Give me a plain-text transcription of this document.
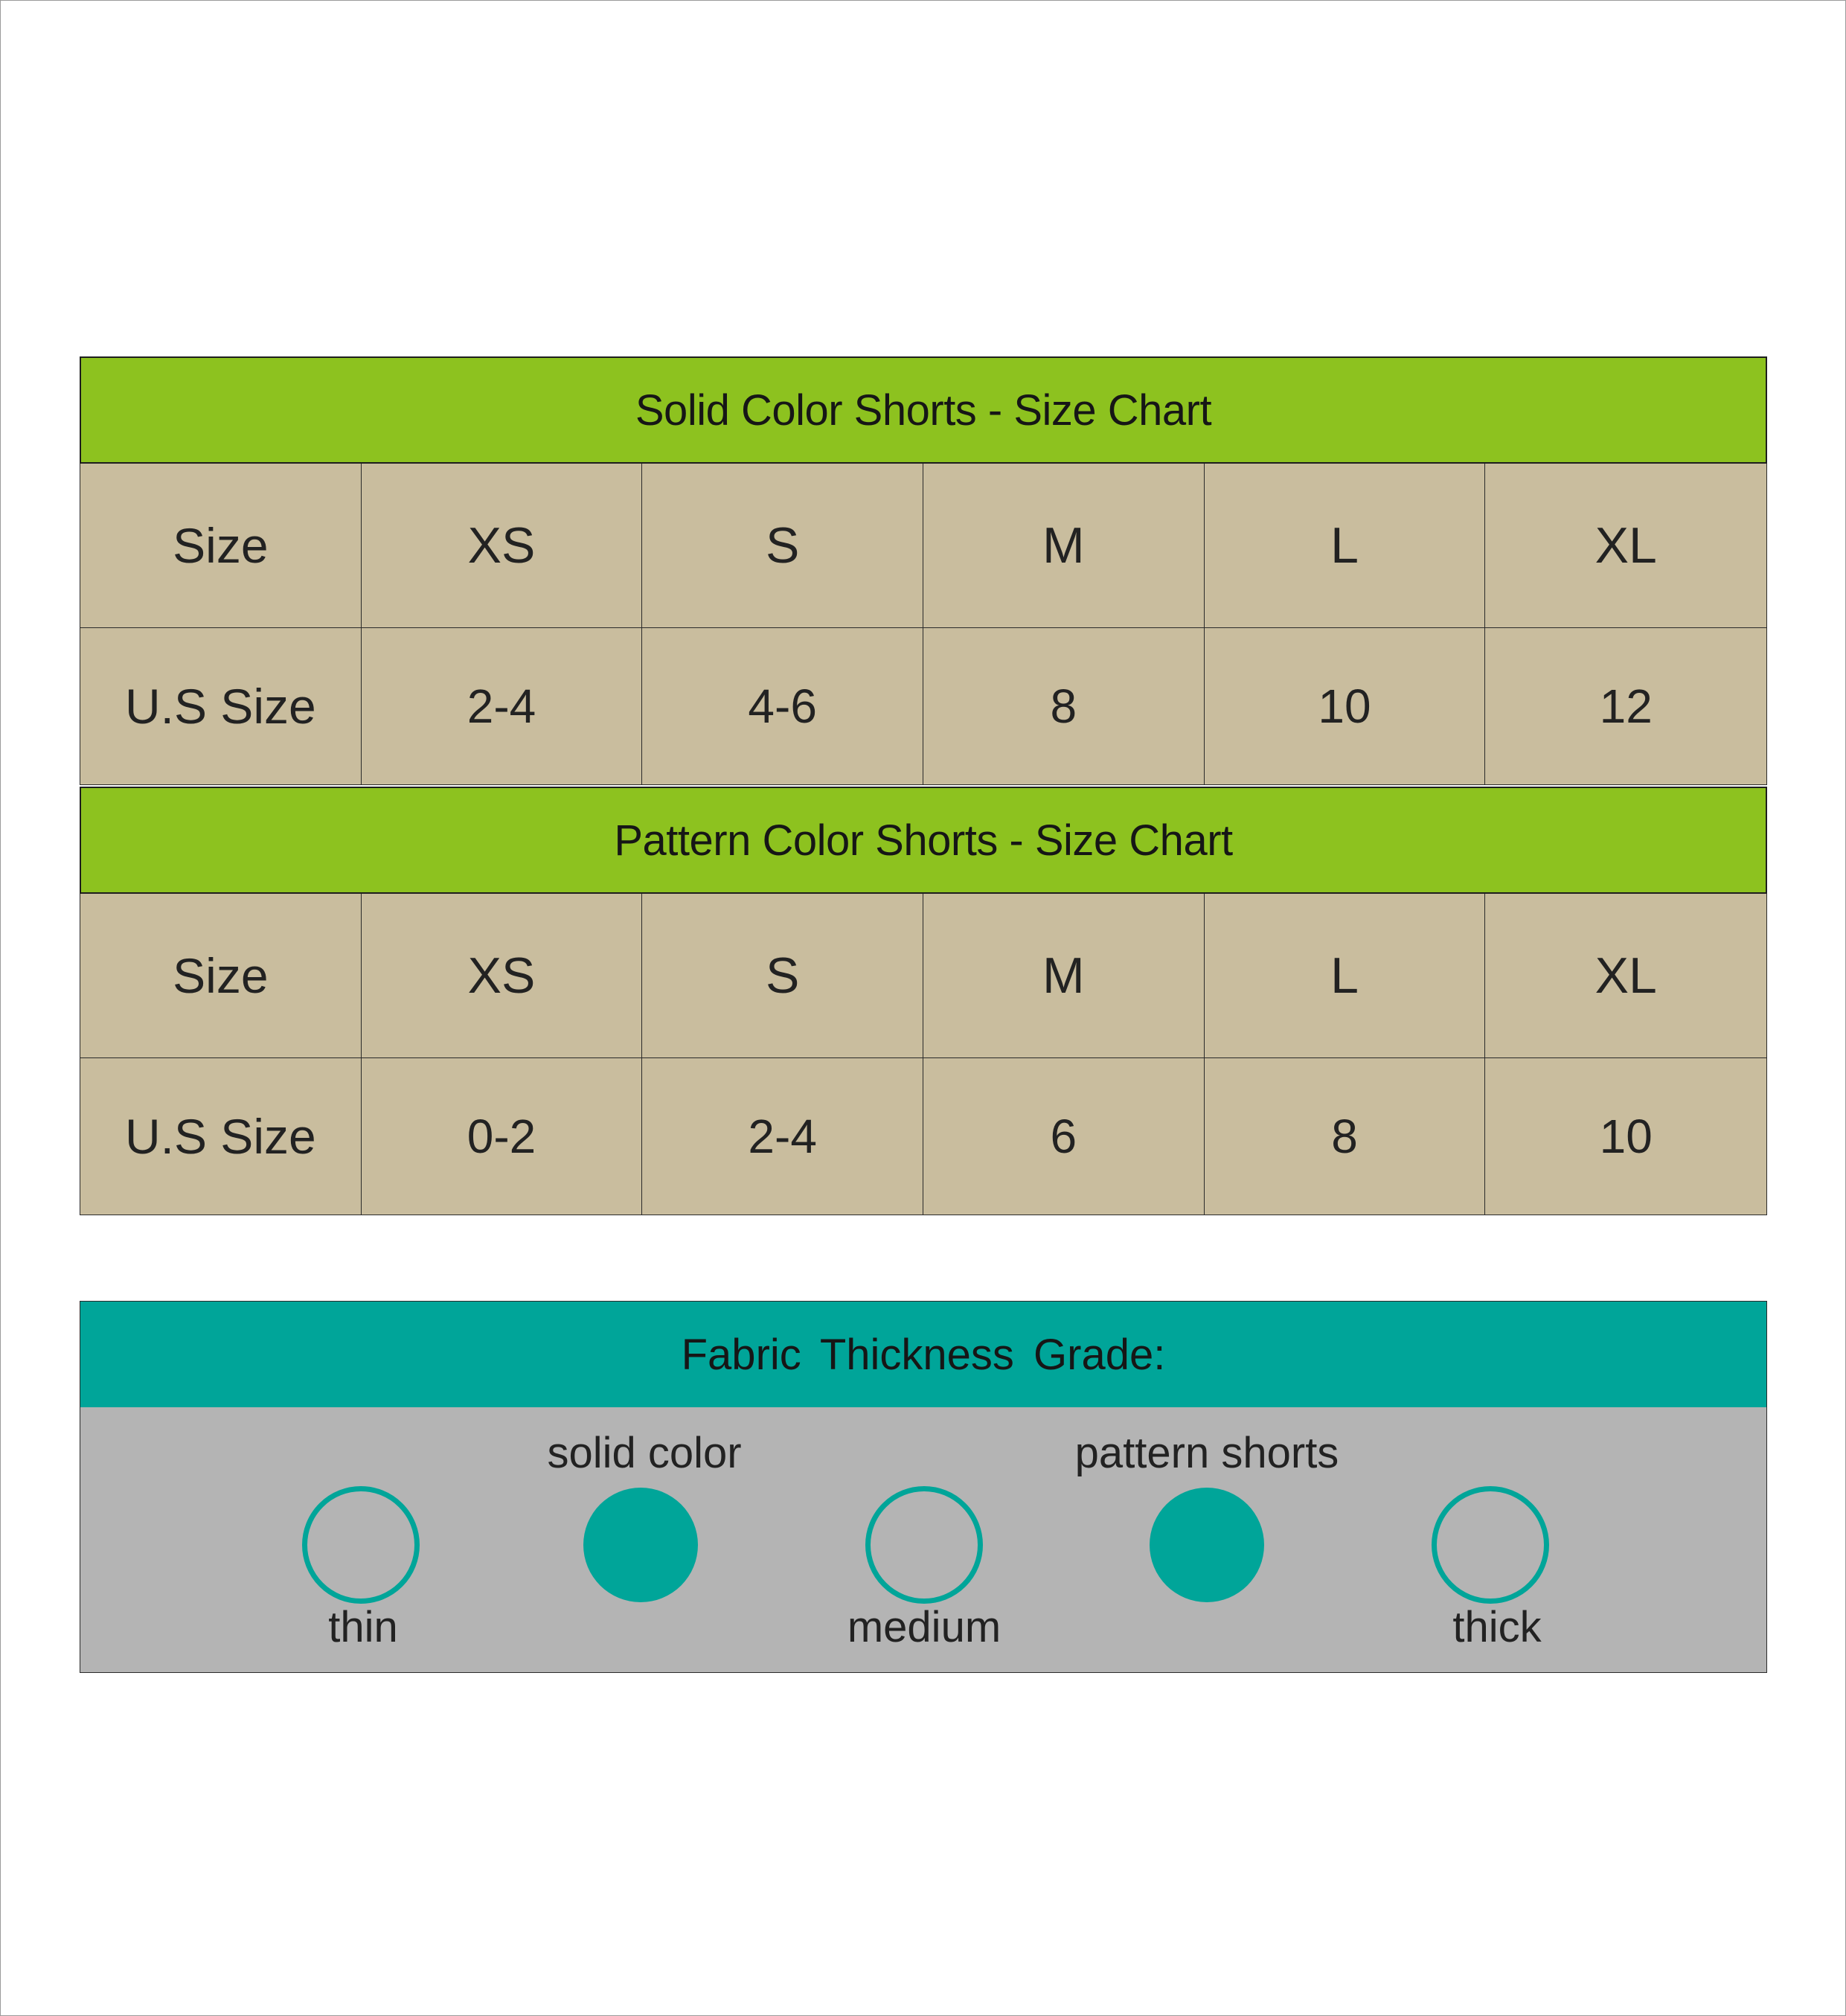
Solid Color Shorts - Size Chart
Size	XS	S	M	L	XL
U.S Size	2-4	4-6	8	10	12
Pattern Color Shorts - Size Chart
Size	XS	S	M	L	XL
U.S Size	0-2	2-4	6	8	10
Fabric Thickness Grade:
solid color	pattern shorts
thin	medium	thick
